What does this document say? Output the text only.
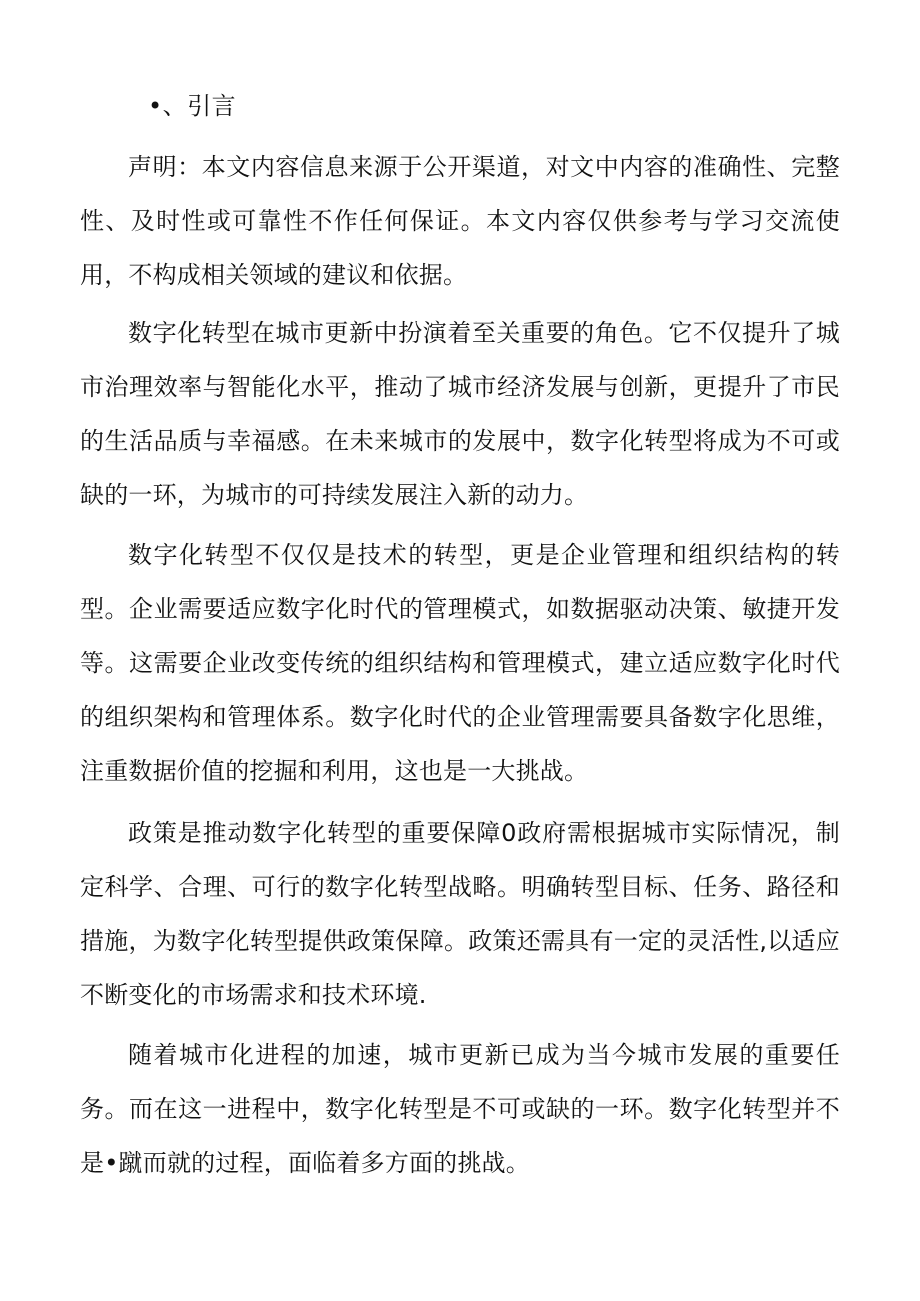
•、引言

声明：本文内容信息来源于公开渠道，对文中内容的准确性、完整性、及时性或可靠性不作任何保证。本文内容仅供参考与学习交流使用，不构成相关领域的建议和依据。

数字化转型在城市更新中扮演着至关重要的角色。它不仅提升了城市治理效率与智能化水平，推动了城市经济发展与创新，更提升了市民的生活品质与幸福感。在未来城市的发展中，数字化转型将成为不可或缺的一环，为城市的可持续发展注入新的动力。

数字化转型不仅仅是技术的转型，更是企业管理和组织结构的转型。企业需要适应数字化时代的管理模式，如数据驱动决策、敏捷开发等。这需要企业改变传统的组织结构和管理模式，建立适应数字化时代的组织架构和管理体系。数字化时代的企业管理需要具备数字化思维，注重数据价值的挖掘和利用，这也是一大挑战。

政策是推动数字化转型的重要保障0政府需根据城市实际情况，制定科学、合理、可行的数字化转型战略。明确转型目标、任务、路径和措施，为数字化转型提供政策保障。政策还需具有一定的灵活性,以适应不断变化的市场需求和技术环境.

随着城市化进程的加速，城市更新已成为当今城市发展的重要任务。而在这一进程中，数字化转型是不可或缺的一环。数字化转型并不是•蹴而就的过程，面临着多方面的挑战。
